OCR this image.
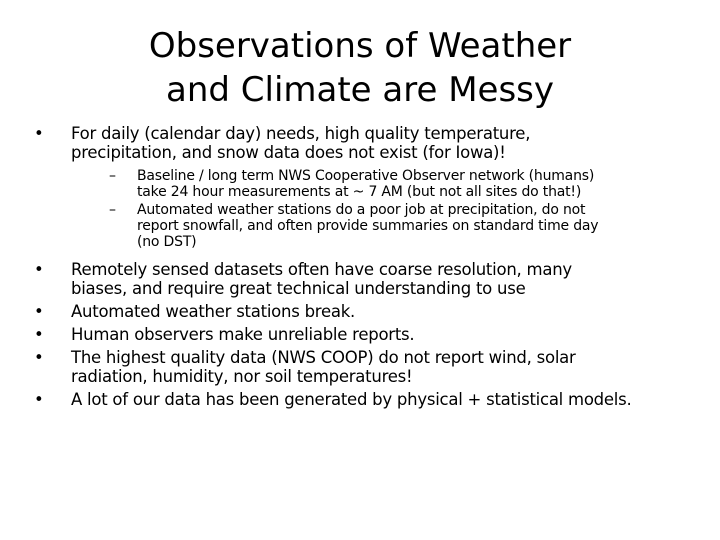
Observations of Weather
and Climate are Messy
•	For daily (calendar day) needs, high quality temperature,
precipitation, and snow data does not exist (for Iowa)!
–	Baseline / long term NWS Cooperative Observer network (humans)
take 24 hour measurements at ~ 7 AM (but not all sites do that!)
–	Automated weather stations do a poor job at precipitation, do not
report snowfall, and often provide summaries on standard time day
(no DST)
•	Remotely sensed datasets often have coarse resolution, many
biases, and require great technical understanding to use
•	Automated weather stations break.
•	Human observers make unreliable reports.
•	The highest quality data (NWS COOP) do not report wind, solar
radiation, humidity, nor soil temperatures!
•	A lot of our data has been generated by physical + statistical models.
